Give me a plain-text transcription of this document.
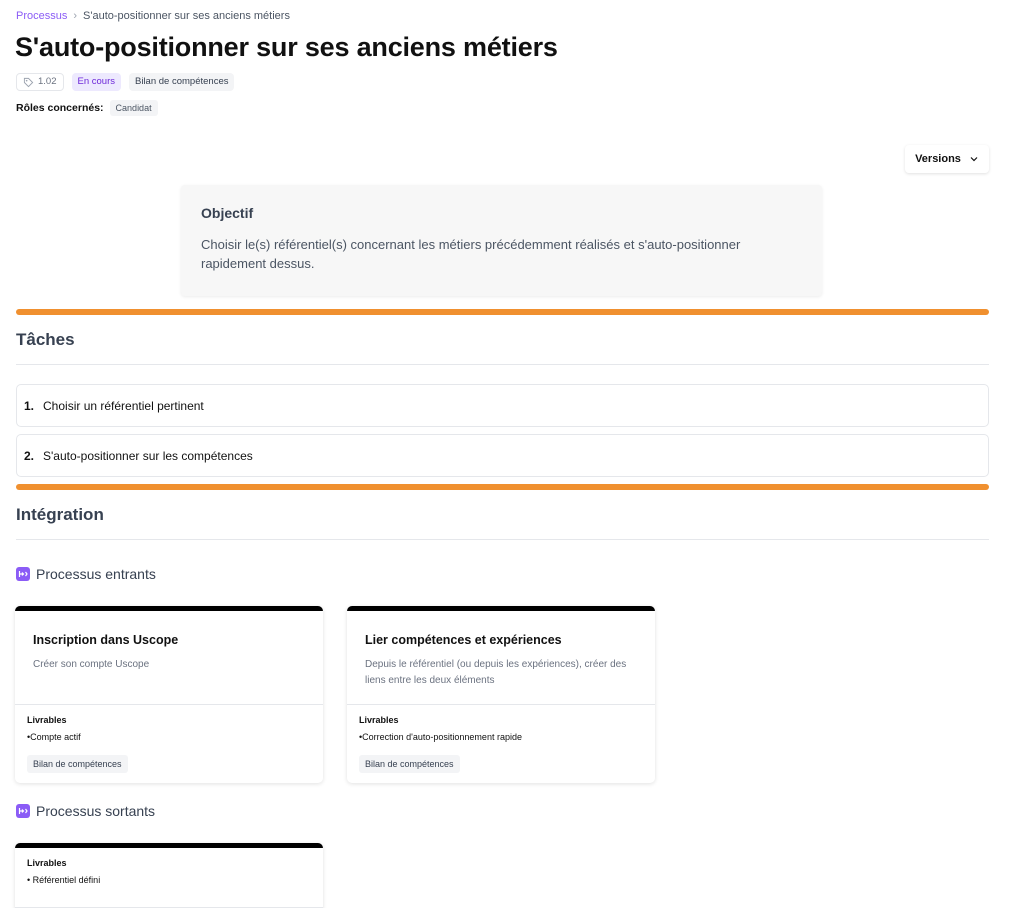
Processus › S'auto-positionner sur ses anciens métiers
S'auto-positionner sur ses anciens métiers
1.02	En cours	Bilan de compétences
Rôles concernés:	Candidat
Versions
Objectif
Choisir le(s) référentiel(s) concernant les métiers précédemment réalisés et s'auto-positionner rapidement dessus.
Tâches
1. Choisir un référentiel pertinent
2. S'auto-positionner sur les compétences
Intégration
Processus entrants
Inscription dans Uscope
Créer son compte Uscope
Livrables
•Compte actif
Bilan de compétences
Lier compétences et expériences
Depuis le référentiel (ou depuis les expériences), créer des liens entre les deux éléments
Livrables
•Correction d'auto-positionnement rapide
Bilan de compétences
Processus sortants
Livrables
• Référentiel défini
